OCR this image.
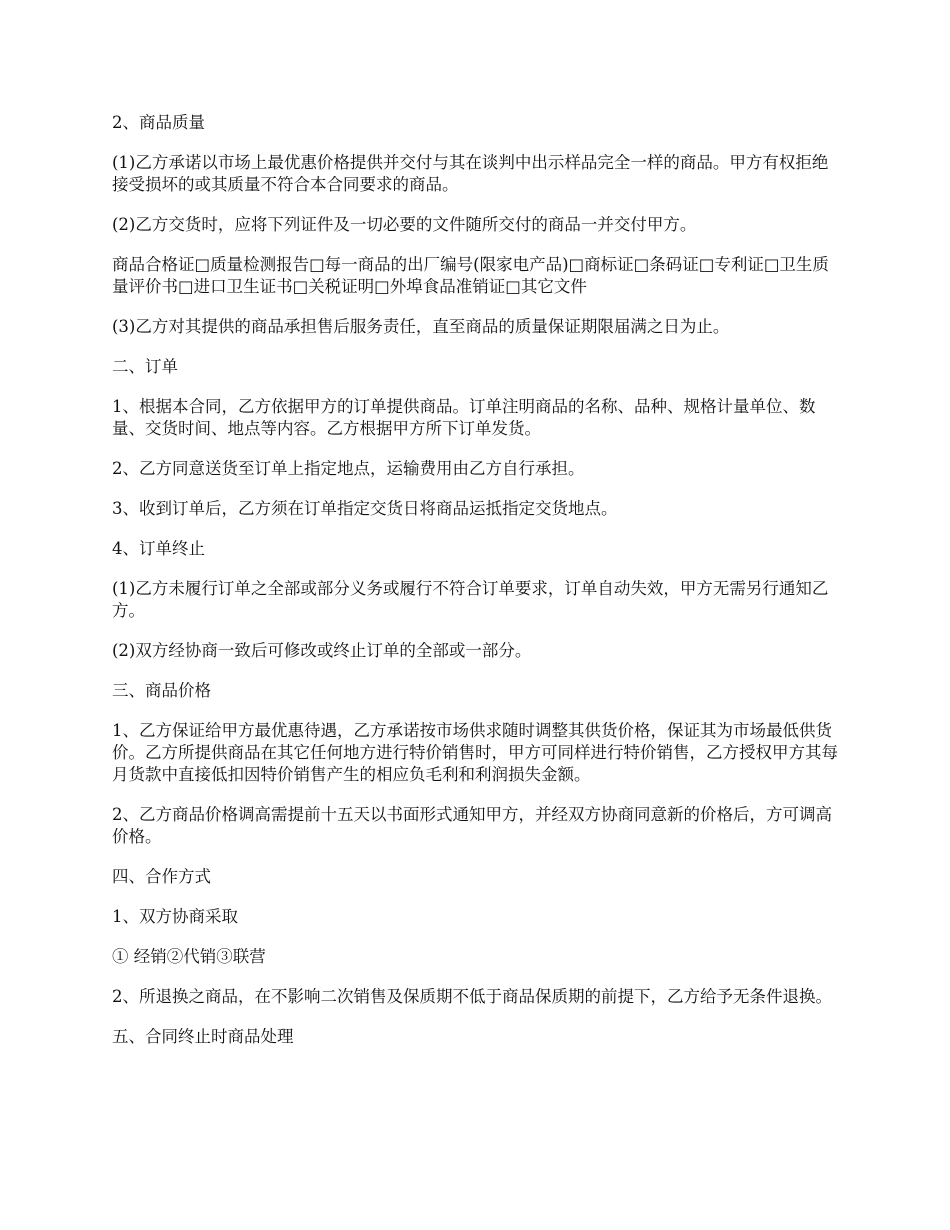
2、商品质量

(1)乙方承诺以市场上最优惠价格提供并交付与其在谈判中出示样品完全一样的商品。甲方有权拒绝接受损坏的或其质量不符合本合同要求的商品。

(2)乙方交货时，应将下列证件及一切必要的文件随所交付的商品一并交付甲方。

商品合格证□质量检测报告□每一商品的出厂编号(限家电产品)□商标证□条码证□专利证□卫生质量评价书□进口卫生证书□关税证明□外埠食品准销证□其它文件

(3)乙方对其提供的商品承担售后服务责任，直至商品的质量保证期限届满之日为止。

二、订单

1、根据本合同，乙方依据甲方的订单提供商品。订单注明商品的名称、品种、规格计量单位、数量、交货时间、地点等内容。乙方根据甲方所下订单发货。

2、乙方同意送货至订单上指定地点，运输费用由乙方自行承担。

3、收到订单后，乙方须在订单指定交货日将商品运抵指定交货地点。

4、订单终止

(1)乙方未履行订单之全部或部分义务或履行不符合订单要求，订单自动失效，甲方无需另行通知乙方。

(2)双方经协商一致后可修改或终止订单的全部或一部分。

三、商品价格

1、乙方保证给甲方最优惠待遇，乙方承诺按市场供求随时调整其供货价格，保证其为市场最低供货价。乙方所提供商品在其它任何地方进行特价销售时，甲方可同样进行特价销售，乙方授权甲方其每月货款中直接低扣因特价销售产生的相应负毛利和利润损失金额。

2、乙方商品价格调高需提前十五天以书面形式通知甲方，并经双方协商同意新的价格后，方可调高价格。

四、合作方式

1、双方协商采取

① 经销②代销③联营

2、所退换之商品，在不影响二次销售及保质期不低于商品保质期的前提下，乙方给予无条件退换。

五、合同终止时商品处理
